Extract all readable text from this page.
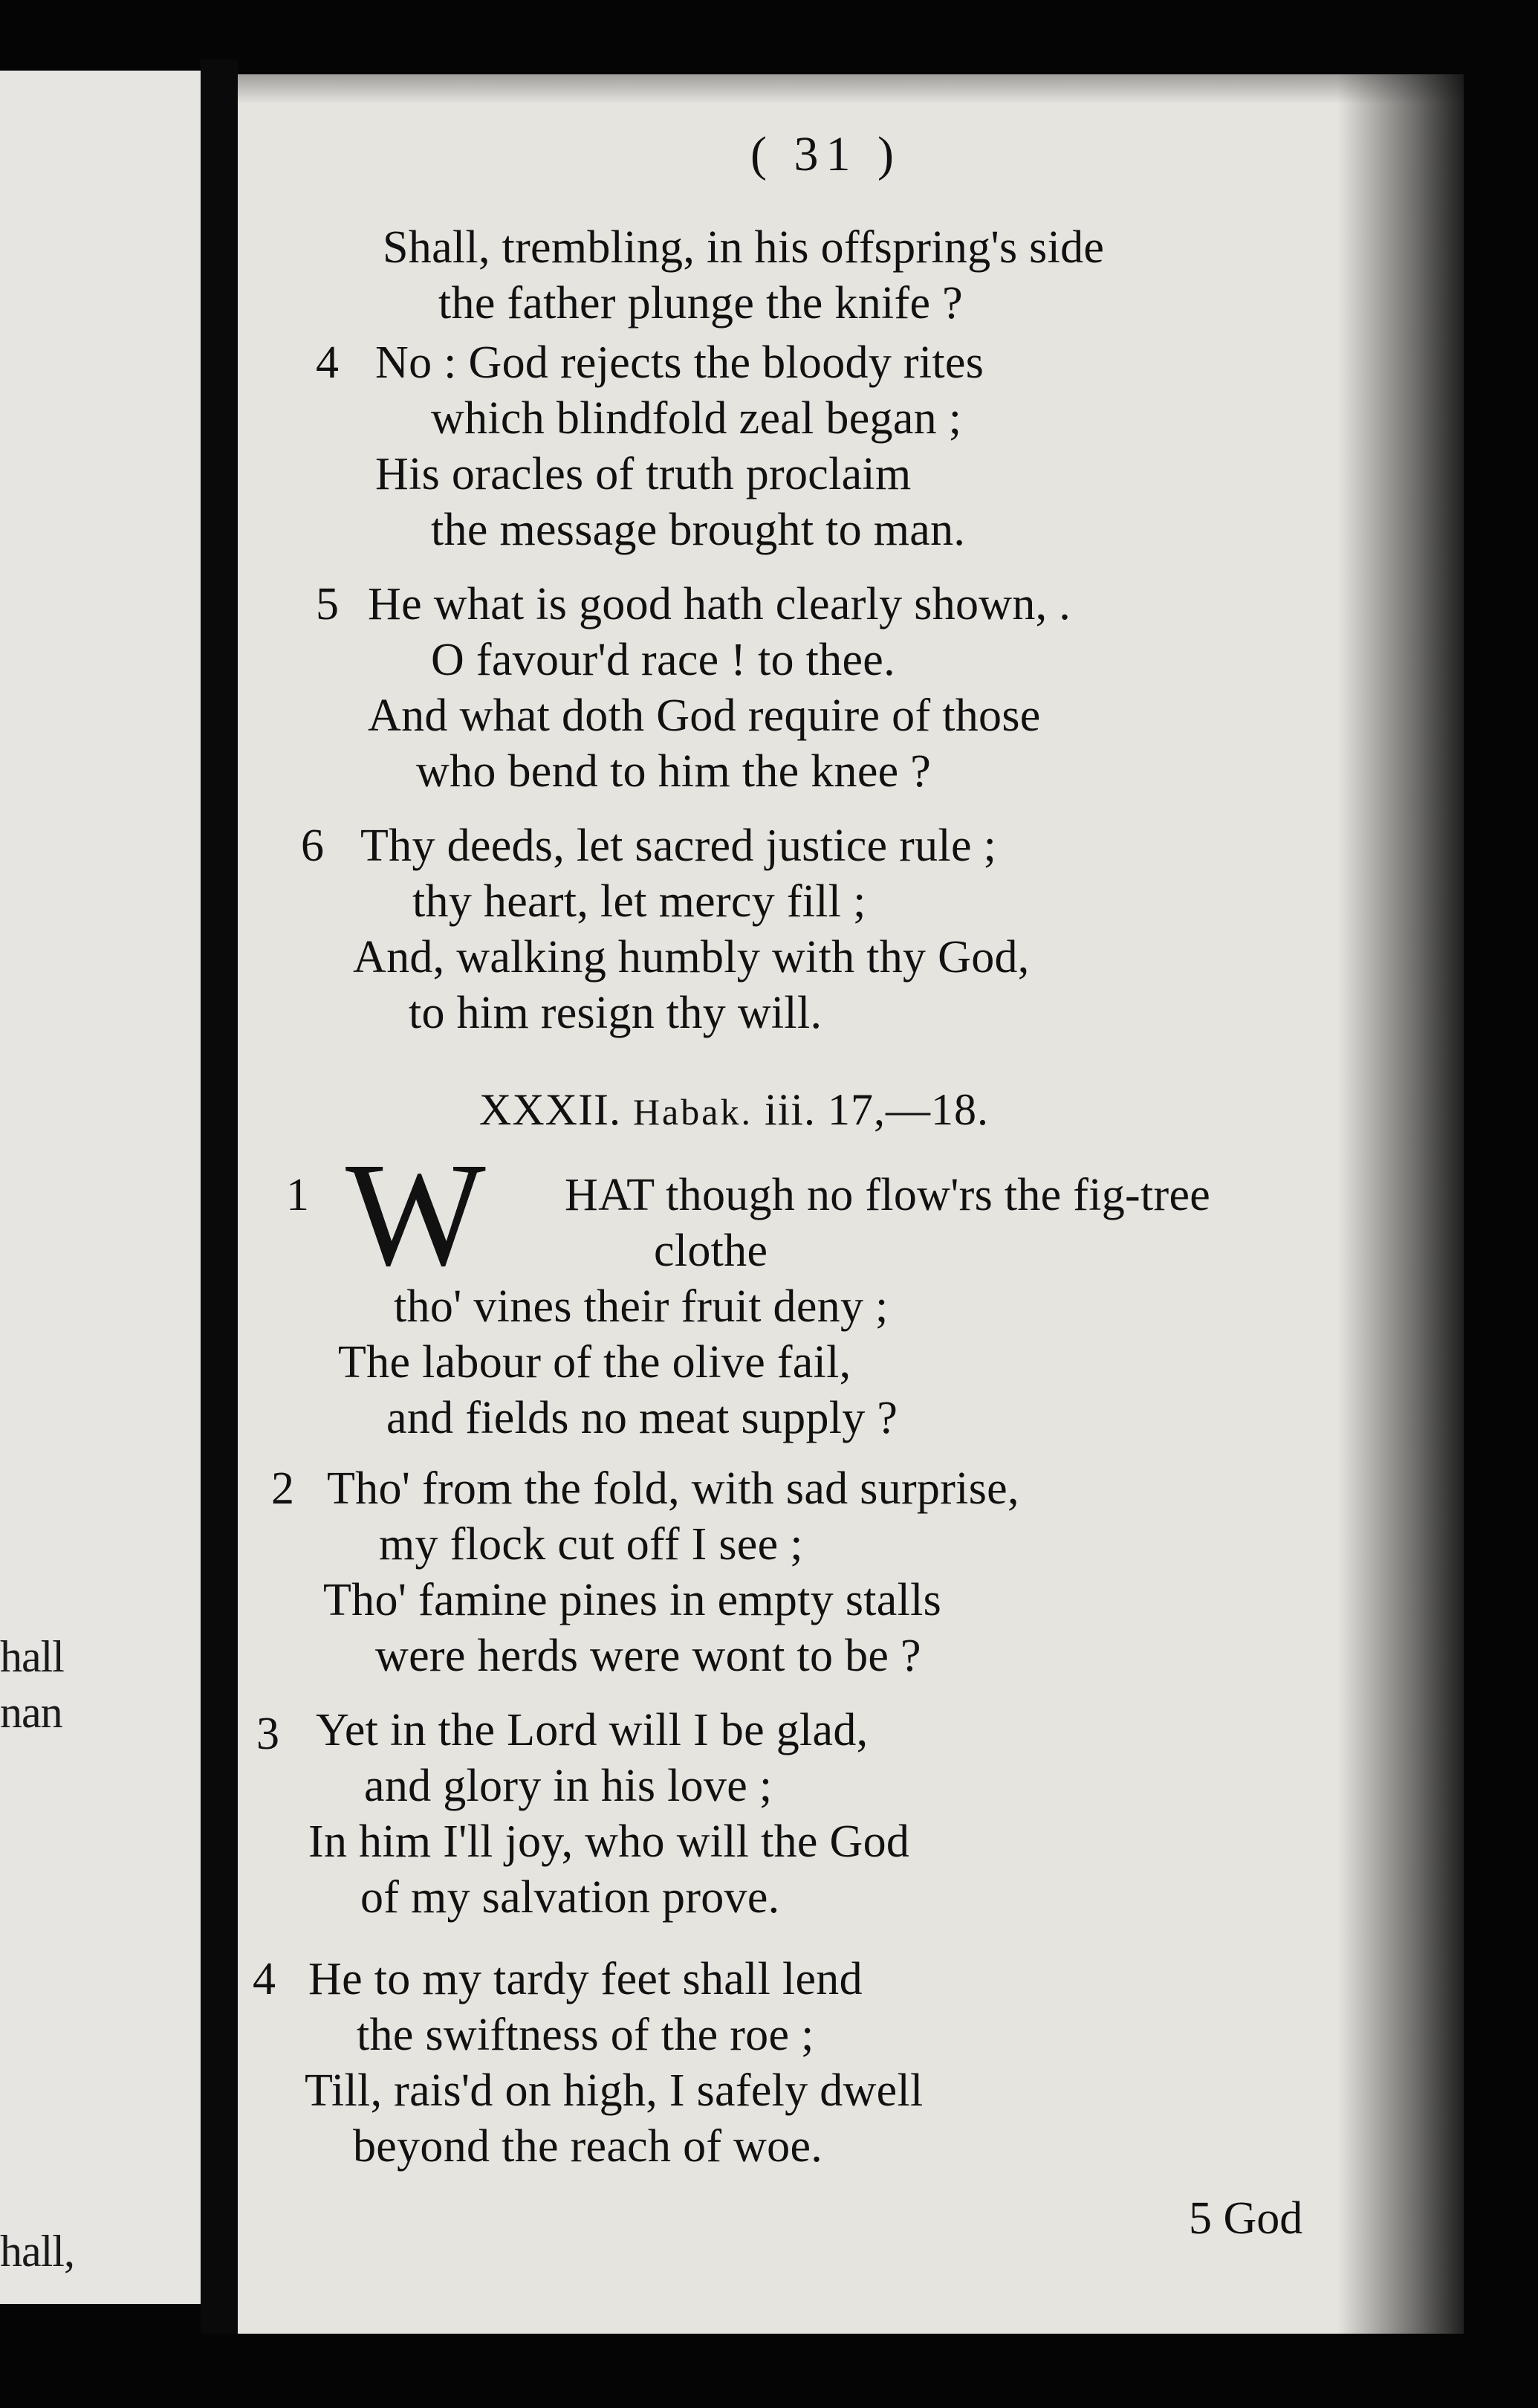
hall
nan
hall,
( 31 )
Shall, trembling, in his offspring's side
the father plunge the knife ?
4 No : God rejects the bloody rites
which blindfold zeal began ;
His oracles of truth proclaim
the message brought to man.
5 He what is good hath clearly shown, .
O favour'd race ! to thee.
And what doth God require of those
who bend to him the knee ?
6 Thy deeds, let sacred justice rule ;
thy heart, let mercy fill ;
And, walking humbly with thy God,
to him resign thy will.
XXXII. Habak. iii. 17,—18.
1 W HAT though no flow'rs the fig-tree
clothe
tho' vines their fruit deny ;
The labour of the olive fail,
and fields no meat supply ?
2 Tho' from the fold, with sad surprise,
my flock cut off I see ;
Tho' famine pines in empty stalls
were herds were wont to be ?
3 Yet in the Lord will I be glad,
and glory in his love ;
In him I'll joy, who will the God
of my salvation prove.
4 He to my tardy feet shall lend
the swiftness of the roe ;
Till, rais'd on high, I safely dwell
beyond the reach of woe.
5 God
